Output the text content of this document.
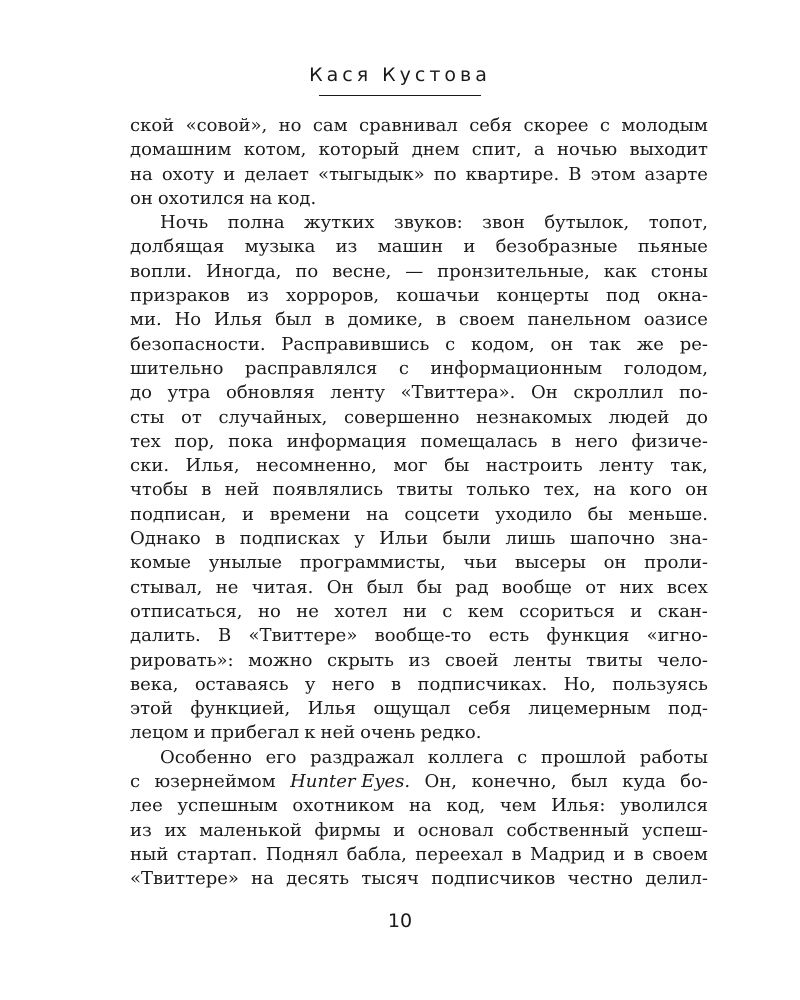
Кася Кустова
ской «совой», но сам сравнивал себя скорее с молодым
домашним котом, который днем спит, а ночью выходит
на охоту и делает «тыгыдык» по квартире. В этом азарте
он охотился на код.
Ночь полна жутких звуков: звон бутылок, топот,
долбящая музыка из машин и безобразные пьяные
вопли. Иногда, по весне, — пронзительные, как стоны
призраков из хорроров, кошачьи концерты под окна-
ми. Но Илья был в домике, в своем панельном оазисе
безопасности. Расправившись с кодом, он так же ре-
шительно расправлялся с информационным голодом,
до утра обновляя ленту «Твиттера». Он скроллил по-
сты от случайных, совершенно незнакомых людей до
тех пор, пока информация помещалась в него физиче-
ски. Илья, несомненно, мог бы настроить ленту так,
чтобы в ней появлялись твиты только тех, на кого он
подписан, и времени на соцсети уходило бы меньше.
Однако в подписках у Ильи были лишь шапочно зна-
комые унылые программисты, чьи высеры он проли-
стывал, не читая. Он был бы рад вообще от них всех
отписаться, но не хотел ни с кем ссориться и скан-
далить. В «Твиттере» вообще-то есть функция «игно-
рировать»: можно скрыть из своей ленты твиты чело-
века, оставаясь у него в подписчиках. Но, пользуясь
этой функцией, Илья ощущал себя лицемерным под-
лецом и прибегал к ней очень редко.
Особенно его раздражал коллега с прошлой работы
с юзернеймом Hunter Eyes. Он, конечно, был куда бо-
лее успешным охотником на код, чем Илья: уволился
из их маленькой фирмы и основал собственный успеш-
ный стартап. Поднял бабла, переехал в Мадрид и в своем
«Твиттере» на десять тысяч подписчиков честно делил-
10
